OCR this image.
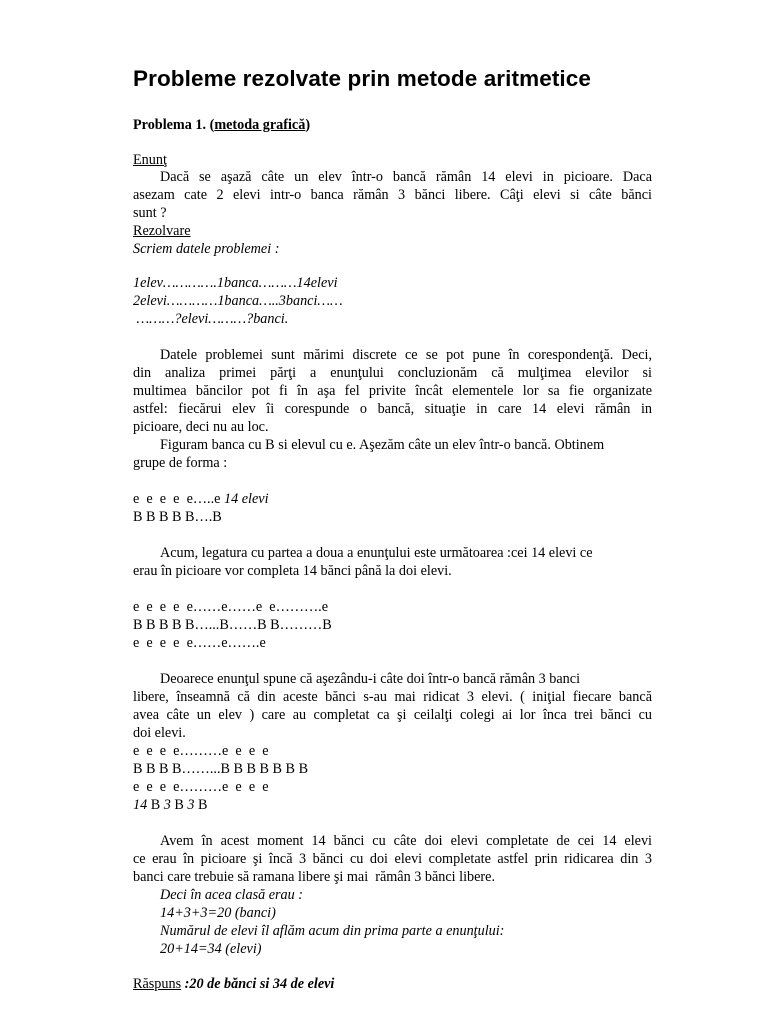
Probleme rezolvate prin metode aritmetice
Problema 1. (metoda grafică)
Enunţ
Dacă se aşază câte un elev într-o bancă rămân 14 elevi in picioare. Daca
asezam cate 2 elevi intr-o banca rămân 3 bănci libere. Câţi elevi si câte bănci
sunt ?
Rezolvare
Scriem datele problemei :
1elev………….1banca………14elevi
2elevi…………1banca…..3banci……
………?elevi………?banci.
Datele problemei sunt mărimi discrete ce se pot pune în corespondenţă. Deci,
din analiza primei părţi a enunţului concluzionăm că mulţimea elevilor si
multimea băncilor pot fi în aşa fel privite încât elementele lor sa fie organizate
astfel: fiecărui elev îi corespunde o bancă, situaţie in care 14 elevi rămân in
picioare, deci nu au loc.
Figuram banca cu B si elevul cu e. Aşezăm câte un elev într-o bancă. Obtinem
grupe de forma :
e  e  e  e  e…..e 14 elevi
B B B B B….B
Acum, legatura cu partea a doua a enunţului este următoarea :cei 14 elevi ce
erau în picioare vor completa 14 bănci până la doi elevi.
e  e  e  e  e……e……e  e……….e
B B B B B…...B……B B………B
e  e  e  e  e……e…….e
Deoarece enunţul spune că aşezându-i câte doi într-o bancă rămân 3 banci
libere, înseamnă că din aceste bănci s-au mai ridicat 3 elevi. ( iniţial fiecare bancă
avea câte un elev ) care au completat ca şi ceilalţi colegi ai lor înca trei bănci cu
doi elevi.
e  e  e  e………e  e  e  e
B B B B……...B B B B B B B
e  e  e  e………e  e  e  e
14 B 3 B 3 B
Avem în acest moment 14 bănci cu câte doi elevi completate de cei 14 elevi
ce erau în picioare şi încă 3 bănci cu doi elevi completate astfel prin ridicarea din 3
banci care trebuie să ramana libere şi mai  rămân 3 bănci libere.
Deci în acea clasă erau :
14+3+3=20 (banci)
Numărul de elevi îl aflăm acum din prima parte a enunţului:
20+14=34 (elevi)
Răspuns :20 de bănci si 34 de elevi
